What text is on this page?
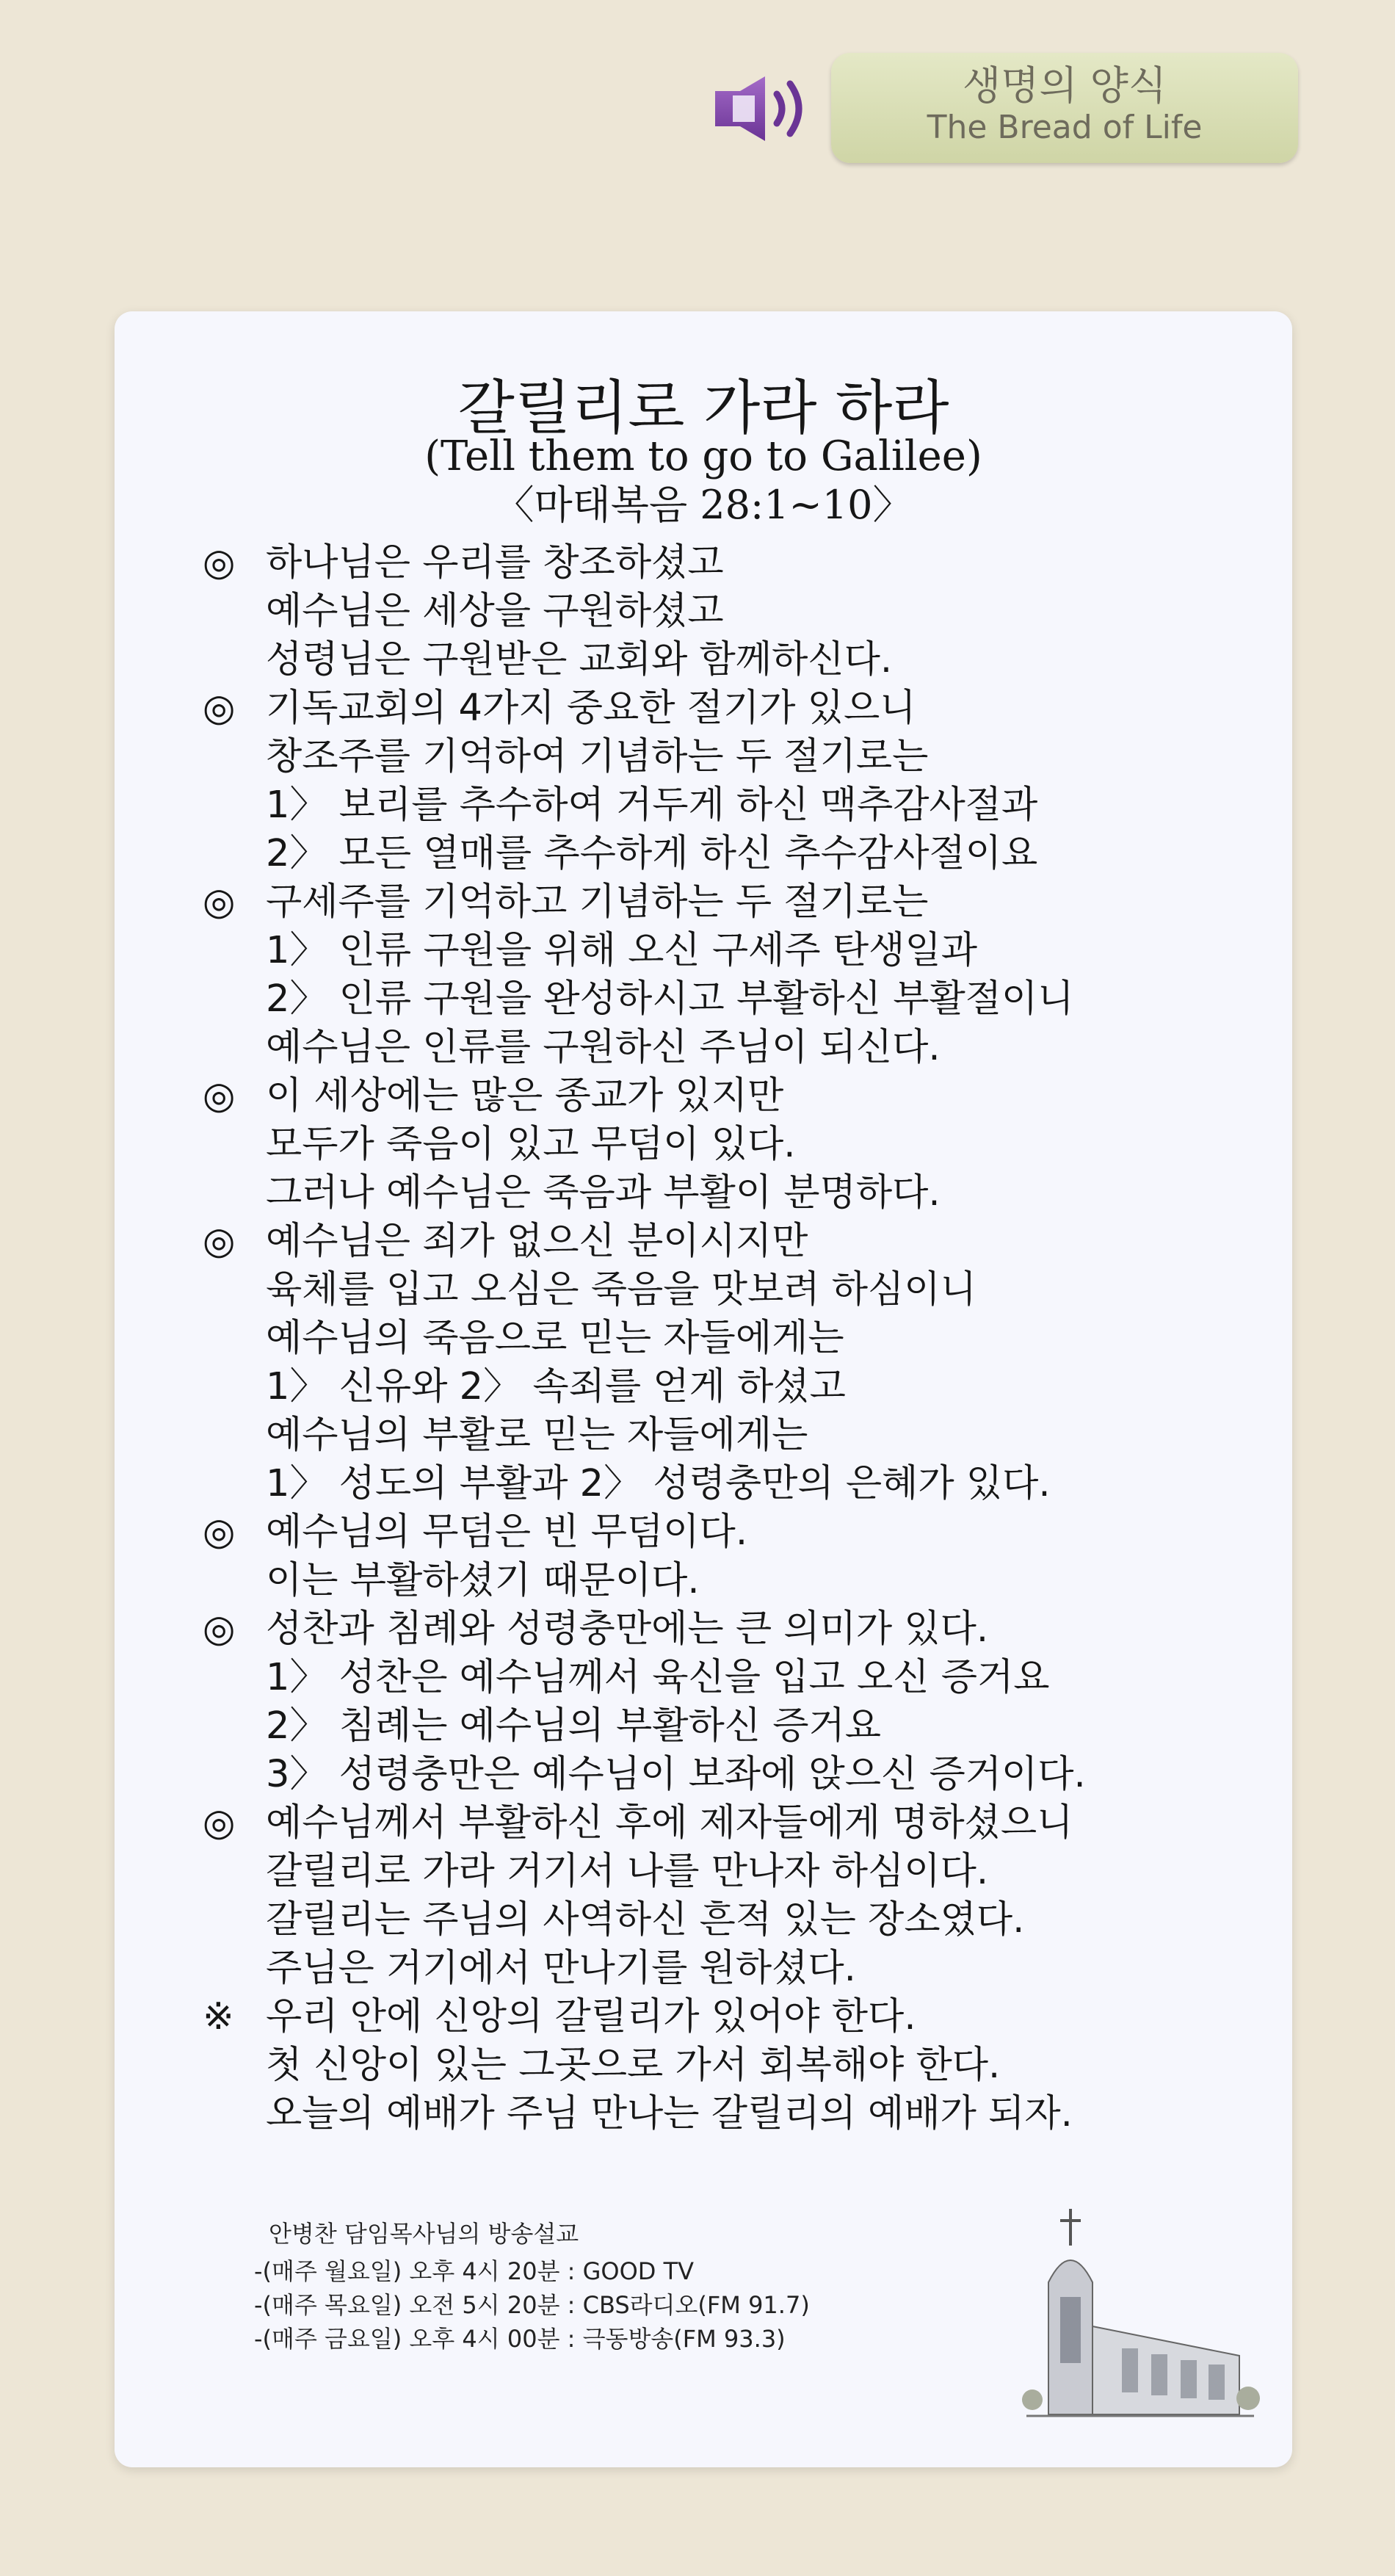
생명의 양식
The Bread of Life
갈릴리로 가라 하라
(Tell them to go to Galilee)
〈마태복음 28:1~10〉
◎ 하나님은 우리를 창조하셨고
예수님은 세상을 구원하셨고
성령님은 구원받은 교회와 함께하신다.
◎ 기독교회의 4가지 중요한 절기가 있으니
창조주를 기억하여 기념하는 두 절기로는
1〉 보리를 추수하여 거두게 하신 맥추감사절과
2〉 모든 열매를 추수하게 하신 추수감사절이요
◎ 구세주를 기억하고 기념하는 두 절기로는
1〉 인류 구원을 위해 오신 구세주 탄생일과
2〉 인류 구원을 완성하시고 부활하신 부활절이니
예수님은 인류를 구원하신 주님이 되신다.
◎ 이 세상에는 많은 종교가 있지만
모두가 죽음이 있고 무덤이 있다.
그러나 예수님은 죽음과 부활이 분명하다.
◎ 예수님은 죄가 없으신 분이시지만
육체를 입고 오심은 죽음을 맛보려 하심이니
예수님의 죽음으로 믿는 자들에게는
1〉 신유와 2〉 속죄를 얻게 하셨고
예수님의 부활로 믿는 자들에게는
1〉 성도의 부활과 2〉 성령충만의 은혜가 있다.
◎ 예수님의 무덤은 빈 무덤이다.
이는 부활하셨기 때문이다.
◎ 성찬과 침례와 성령충만에는 큰 의미가 있다.
1〉 성찬은 예수님께서 육신을 입고 오신 증거요
2〉 침례는 예수님의 부활하신 증거요
3〉 성령충만은 예수님이 보좌에 앉으신 증거이다.
◎ 예수님께서 부활하신 후에 제자들에게 명하셨으니
갈릴리로 가라 거기서 나를 만나자 하심이다.
갈릴리는 주님의 사역하신 흔적 있는 장소였다.
주님은 거기에서 만나기를 원하셨다.
※ 우리 안에 신앙의 갈릴리가 있어야 한다.
첫 신앙이 있는 그곳으로 가서 회복해야 한다.
오늘의 예배가 주님 만나는 갈릴리의 예배가 되자.
안병찬 담임목사님의 방송설교
-(매주 월요일) 오후 4시 20분 : GOOD TV
-(매주 목요일) 오전 5시 20분 : CBS라디오(FM 91.7)
-(매주 금요일) 오후 4시 00분 : 극동방송(FM 93.3)
